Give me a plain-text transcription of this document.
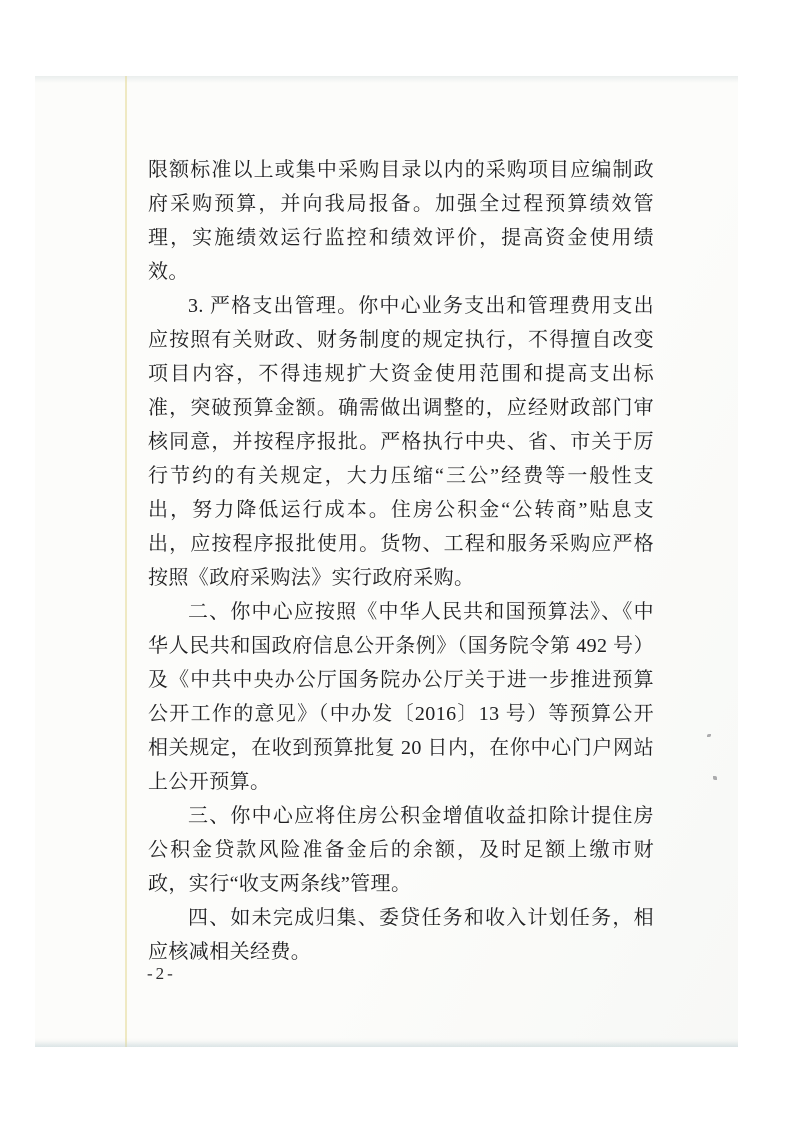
限额标准以上或集中采购目录以内的采购项目应编制政府采购预算，并向我局报备。加强全过程预算绩效管理，实施绩效运行监控和绩效评价，提高资金使用绩效。

3. 严格支出管理。你中心业务支出和管理费用支出应按照有关财政、财务制度的规定执行，不得擅自改变项目内容，不得违规扩大资金使用范围和提高支出标准，突破预算金额。确需做出调整的，应经财政部门审核同意，并按程序报批。严格执行中央、省、市关于厉行节约的有关规定，大力压缩“三公”经费等一般性支出，努力降低运行成本。住房公积金“公转商”贴息支出，应按程序报批使用。货物、工程和服务采购应严格按照《政府采购法》实行政府采购。

二、你中心应按照《中华人民共和国预算法》、《中华人民共和国政府信息公开条例》（国务院令第 492 号）及《中共中央办公厅国务院办公厅关于进一步推进预算公开工作的意见》（中办发〔2016〕13 号）等预算公开相关规定，在收到预算批复 20 日内，在你中心门户网站上公开预算。

三、你中心应将住房公积金增值收益扣除计提住房公积金贷款风险准备金后的余额，及时足额上缴市财政，实行“收支两条线”管理。

四、如未完成归集、委贷任务和收入计划任务，相应核减相关经费。

-2-
